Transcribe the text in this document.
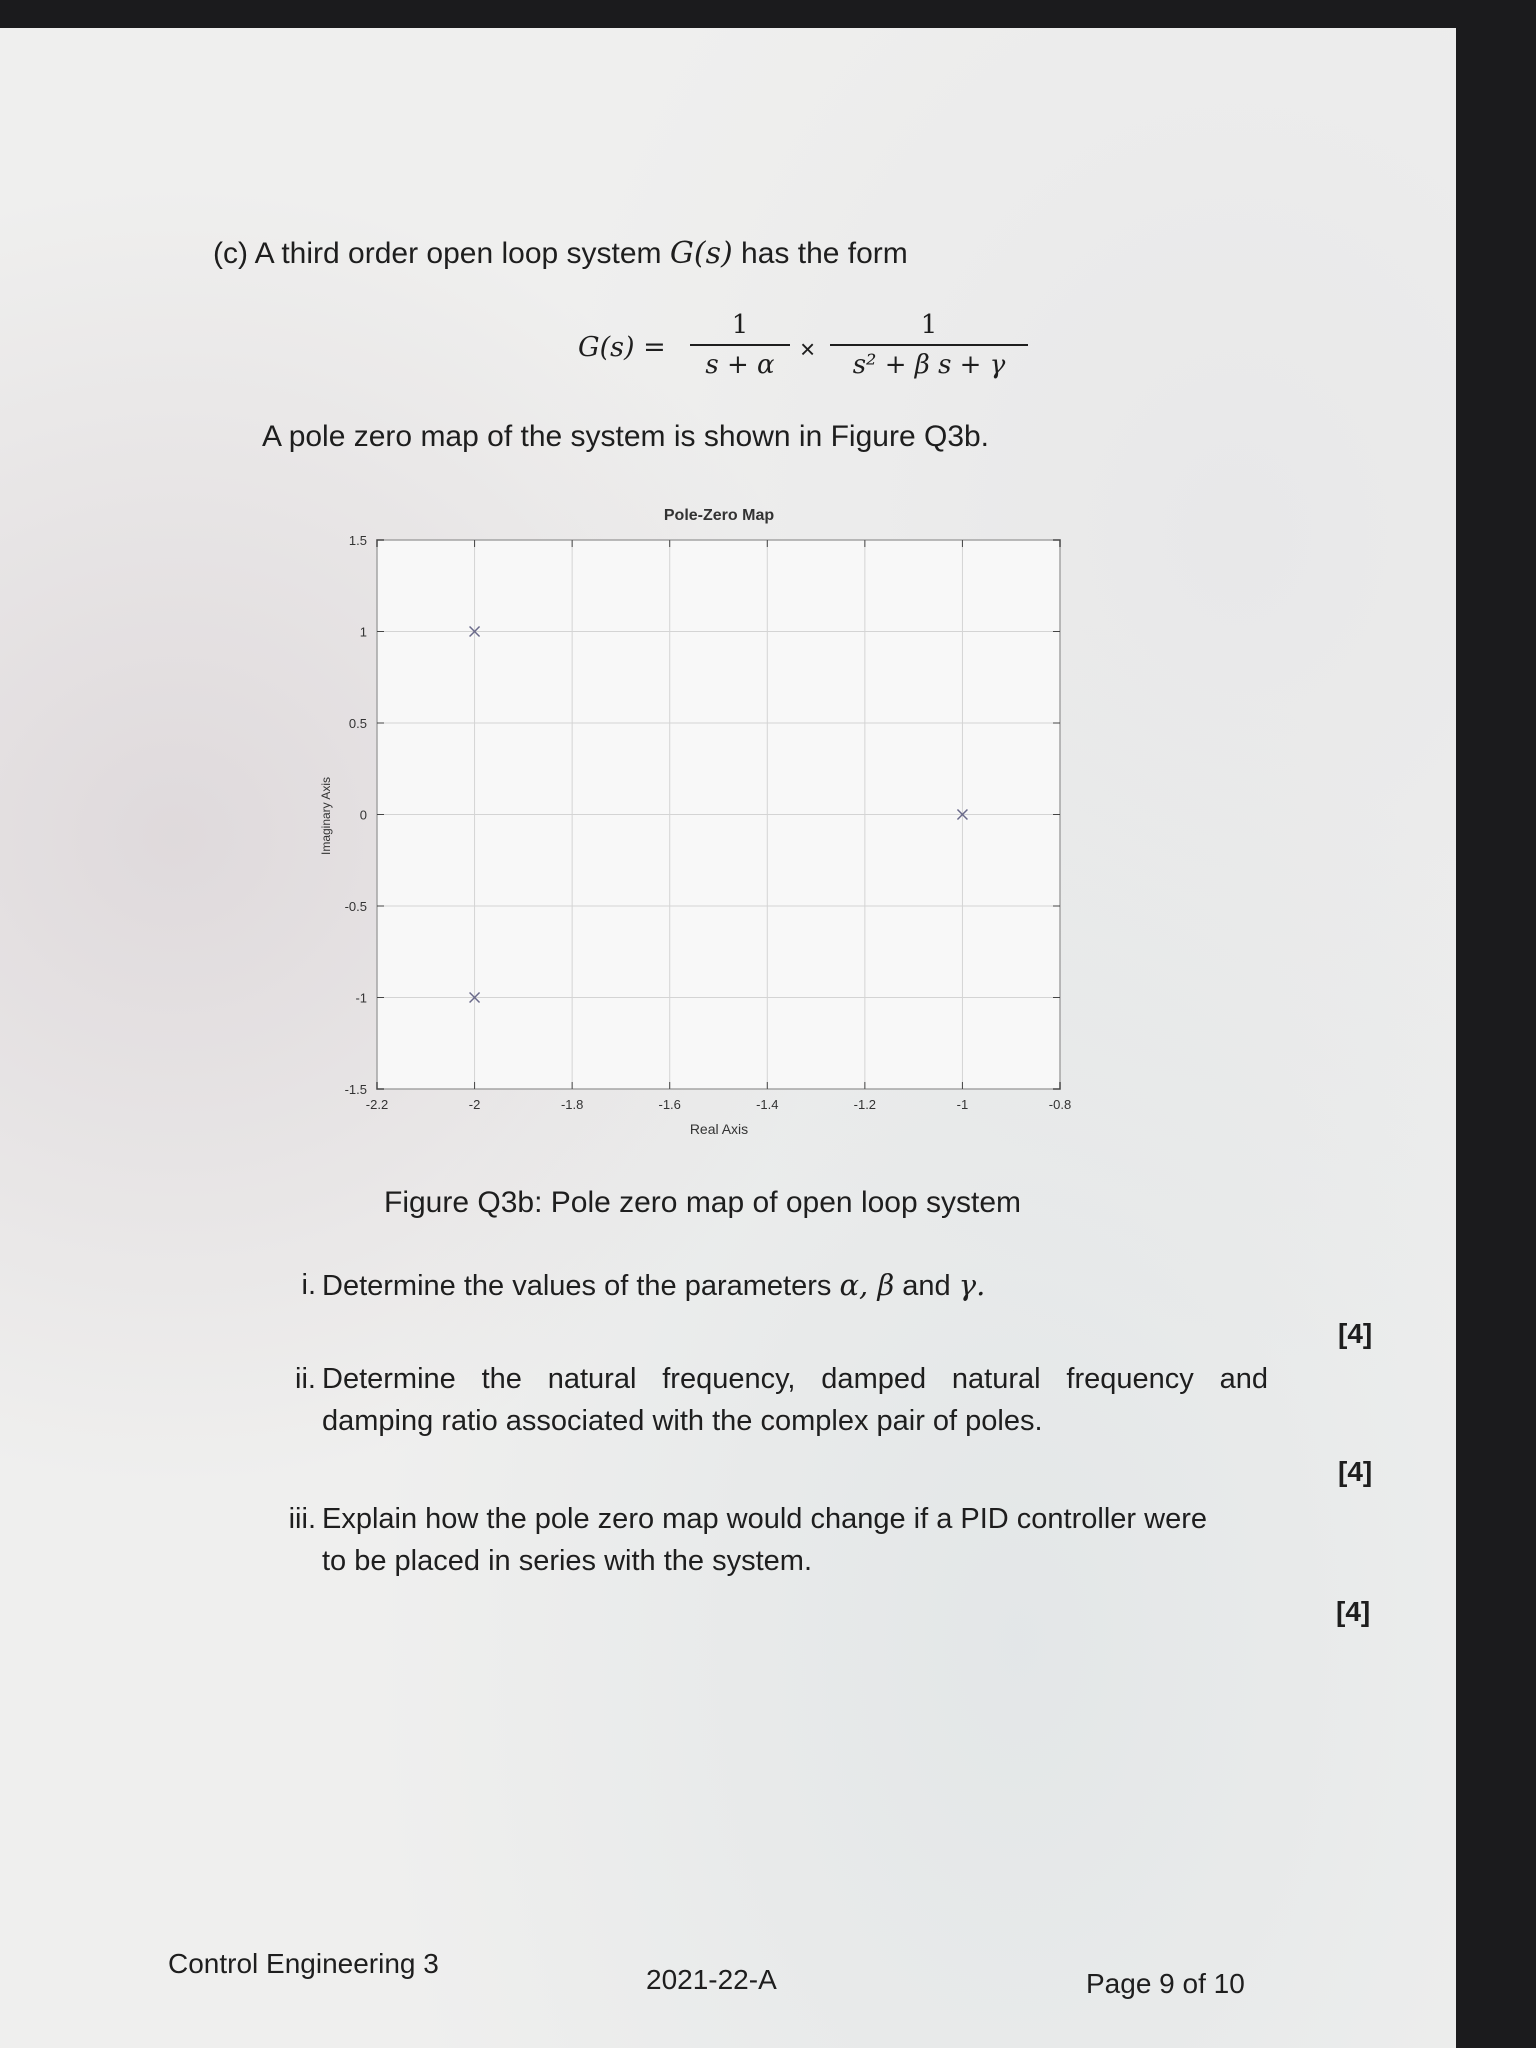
(c) A third order open loop system G(s) has the form
G(s) =
1
s + α
×
1
s² + β s + γ
A pole zero map of the system is shown in Figure Q3b.
Pole-Zero Map
-2.2	-2	-1.8	-1.6	-1.4	-1.2	-1	-0.8
1.5
1
0.5
0
-0.5
-1
-1.5
Real Axis
Imaginary Axis
Figure Q3b: Pole zero map of open loop system
i. Determine the values of the parameters α, β and γ.
[4]
ii. Determine the natural frequency, damped natural frequency and
damping ratio associated with the complex pair of poles.
[4]
iii. Explain how the pole zero map would change if a PID controller were
to be placed in series with the system.
[4]
Control Engineering 3
2021-22-A	Page 9 of 10
